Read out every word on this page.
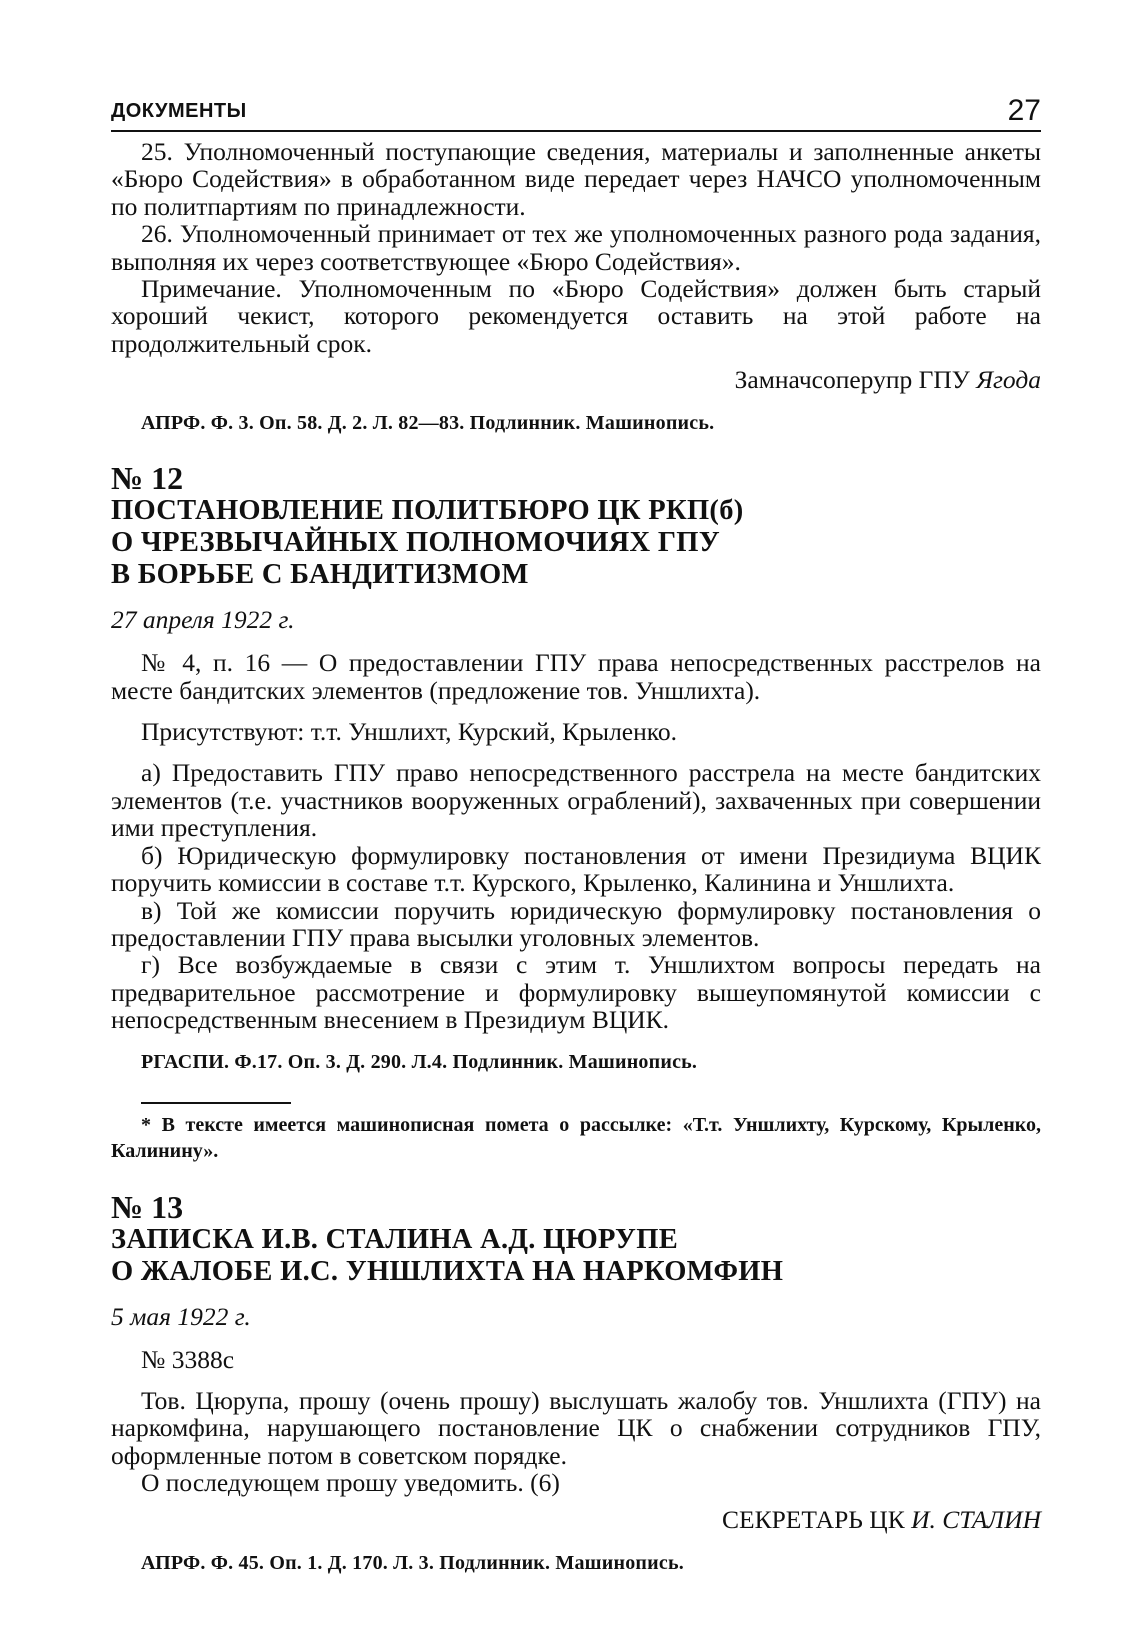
ДОКУМЕНТЫ	27

25. Уполномоченный поступающие сведения, материалы и заполненные анкеты «Бюро Содействия» в обработанном виде передает через НАЧСО уполномоченным по политпартиям по принадлежности.

26. Уполномоченный принимает от тех же уполномоченных разного рода задания, выполняя их через соответствующее «Бюро Содействия».

Примечание. Уполномоченным по «Бюро Содействия» должен быть старый хороший чекист, которого рекомендуется оставить на этой работе на продолжительный срок.

Замначсоперупр ГПУ Ягода

АПРФ. Ф. 3. Оп. 58. Д. 2. Л. 82—83. Подлинник. Машинопись.

№ 12
ПОСТАНОВЛЕНИЕ ПОЛИТБЮРО ЦК РКП(б)
О ЧРЕЗВЫЧАЙНЫХ ПОЛНОМОЧИЯХ ГПУ
В БОРЬБЕ С БАНДИТИЗМОМ
27 апреля 1922 г.

№ 4, п. 16 — О предоставлении ГПУ права непосредственных расстрелов на месте бандитских элементов (предложение тов. Уншлихта).

Присутствуют: т.т. Уншлихт, Курский, Крыленко.

а) Предоставить ГПУ право непосредственного расстрела на месте бандитских элементов (т.е. участников вооруженных ограблений), захваченных при совершении ими преступления.

б) Юридическую формулировку постановления от имени Президиума ВЦИК поручить комиссии в составе т.т. Курского, Крыленко, Калинина и Уншлихта.

в) Той же комиссии поручить юридическую формулировку постановления о предоставлении ГПУ права высылки уголовных элементов.

г) Все возбуждаемые в связи с этим т. Уншлихтом вопросы передать на предварительное рассмотрение и формулировку вышеупомянутой комиссии с непосредственным внесением в Президиум ВЦИК.

РГАСПИ. Ф.17. Оп. 3. Д. 290. Л.4. Подлинник. Машинопись.

* В тексте имеется машинописная помета о рассылке: «Т.т. Уншлихту, Курскому, Крыленко, Калинину».

№ 13
ЗАПИСКА И.В. СТАЛИНА А.Д. ЦЮРУПЕ
О ЖАЛОБЕ И.С. УНШЛИХТА НА НАРКОМФИН
5 мая 1922 г.

№ 3388с

Тов. Цюрупа, прошу (очень прошу) выслушать жалобу тов. Уншлихта (ГПУ) на наркомфина, нарушающего постановление ЦК о снабжении сотрудников ГПУ, оформленные потом в советском порядке.

О последующем прошу уведомить. (6)

СЕКРЕТАРЬ ЦК И. СТАЛИН

АПРФ. Ф. 45. Оп. 1. Д. 170. Л. 3. Подлинник. Машинопись.
